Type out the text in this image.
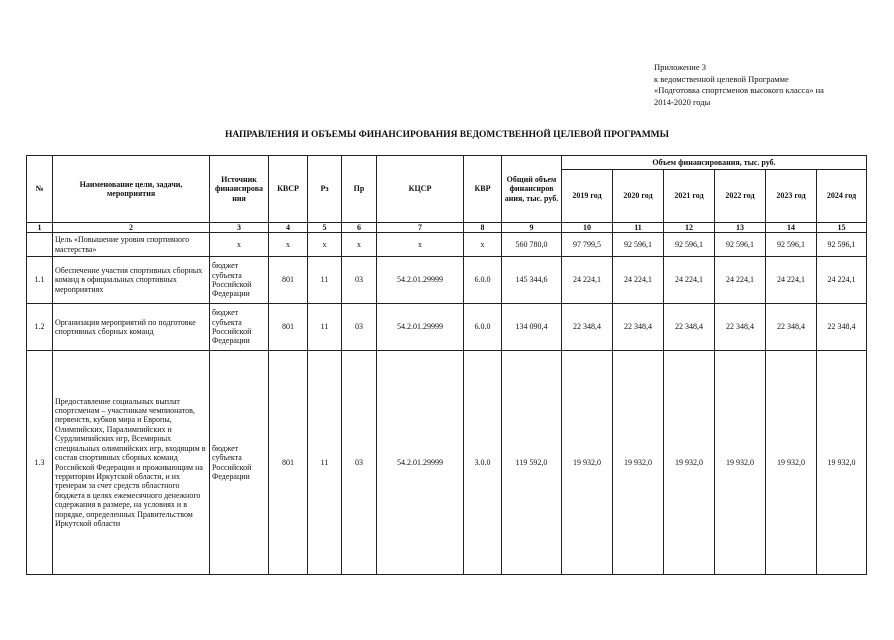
Приложение 3
к ведомственной целевой Программе
«Подготовка спортсменов высокого класса» на
2014-2020 годы
НАПРАВЛЕНИЯ И ОБЪЕМЫ ФИНАНСИРОВАНИЯ ВЕДОМСТВЕННОЙ ЦЕЛЕВОЙ ПРОГРАММЫ
№	Наименование цели, задачи, мероприятия	Источник финансирова ния	КВСР	Рз	Пр	КЦСР	КВР	Общий объем финансиров ания, тыс. руб.	Объем финансирования, тыс. руб.					
									2019 год	2020 год	2021 год	2022 год	2023 год	2024 год
1	2	3	4	5	6	7	8	9	10	11	12	13	14	15
	Цель «Повышение уровня спортивного мастерства»	х	х	х	х	х	х	560 780,0	97 799,5	92 596,1	92 596,1	92 596,1	92 596,1	92 596,1
1.1	Обеспечение участия спортивных сборных команд в официальных спортивных мероприятиях	бюджет субъекта Российской Федерации	801	11	03	54.2.01.29999	6.0.0	145 344,6	24 224,1	24 224,1	24 224,1	24 224,1	24 224,1	24 224,1
1.2	Организация мероприятий по подготовке спортивных сборных команд	бюджет субъекта Российской Федерации	801	11	03	54.2.01.29999	6.0.0	134 090,4	22 348,4	22 348,4	22 348,4	22 348,4	22 348,4	22 348,4
1.3	Предоставление социальных выплат спортсменам – участникам чемпионатов, первенств, кубков мира и Европы, Олимпийских, Паралимпийских и Сурдлимпийских игр, Всемирных специальных олимпийских игр, входящим в состав спортивных сборных команд Российской Федерации и проживающим на территории Иркутской области, и их тренерам за счет средств областного бюджета в целях ежемесячного денежного содержания в размере, на условиях и в порядке, определенных Правительством Иркутской области	бюджет субъекта Российской Федерации	801	11	03	54.2.01.29999	3.0.0	119 592,0	19 932,0	19 932,0	19 932,0	19 932,0	19 932,0	19 932,0
